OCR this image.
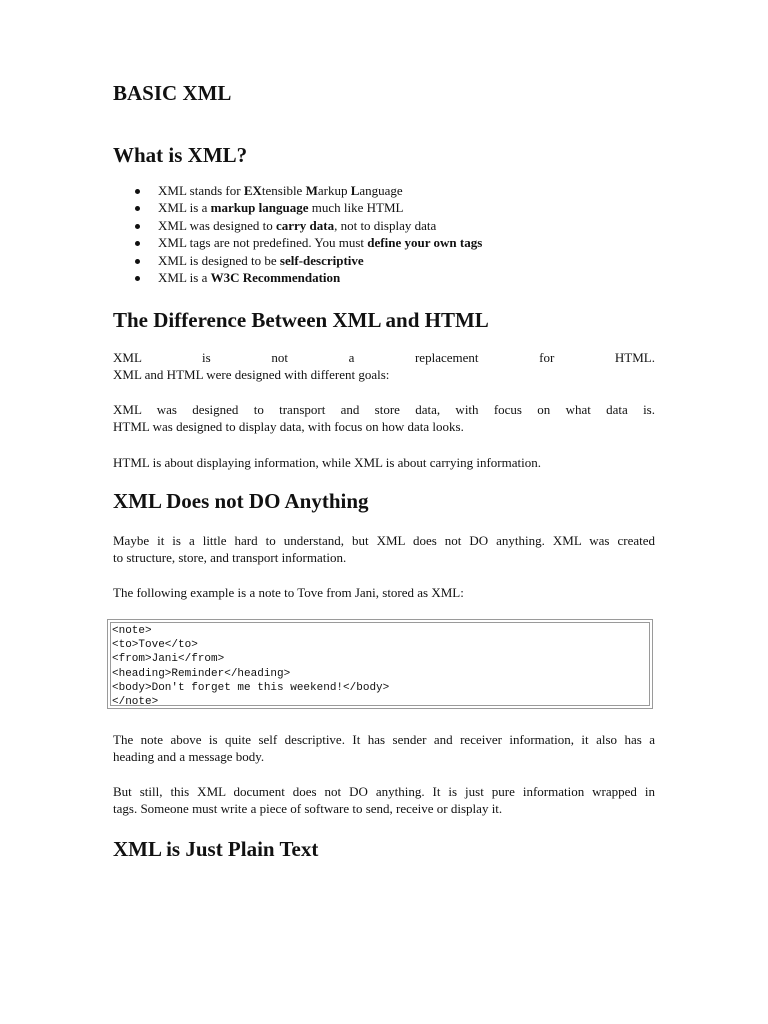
BASIC XML
What is XML?
XML stands for EXtensible Markup Language
XML is a markup language much like HTML
XML was designed to carry data, not to display data
XML tags are not predefined. You must define your own tags
XML is designed to be self-descriptive
XML is a W3C Recommendation
The Difference Between XML and HTML

XML is not a replacement for HTML.
XML and HTML were designed with different goals:

XML was designed to transport and store data, with focus on what data is.
HTML was designed to display data, with focus on how data looks.

HTML is about displaying information, while XML is about carrying information.

XML Does not DO Anything

Maybe it is a little hard to understand, but XML does not DO anything. XML was created
to structure, store, and transport information.

The following example is a note to Tove from Jani, stored as XML:

<note>
<to>Tove</to>
<from>Jani</from>
<heading>Reminder</heading>
<body>Don't forget me this weekend!</body>
</note>

The note above is quite self descriptive. It has sender and receiver information, it also has a
heading and a message body.

But still, this XML document does not DO anything. It is just pure information wrapped in
tags. Someone must write a piece of software to send, receive or display it.

XML is Just Plain Text
